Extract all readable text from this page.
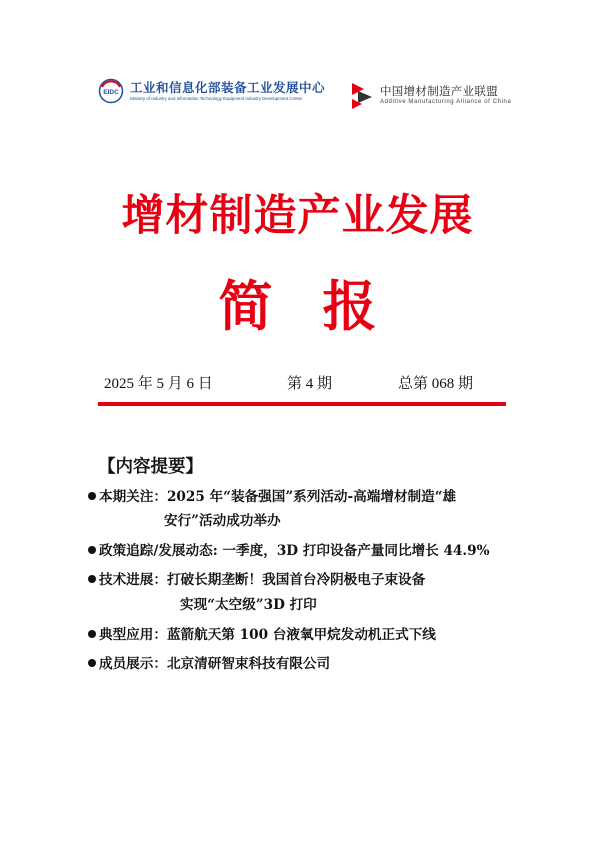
EIDC 工业和信息化部装备工业发展中心
Ministry of Industry and Information Technology Equipment Industry Development Center	中国增材制造产业联盟
Additive Manufacturing Alliance of China
增材制造产业发展
简报
2025 年 5 月 6 日	第 4 期	总第 068 期
【内容提要】
本期关注：2025 年“装备强国”系列活动-高端增材制造“雄
安行”活动成功举办
政策追踪/发展动态: 一季度，3D 打印设备产量同比增长 44.9%
技术进展：打破长期垄断！我国首台冷阴极电子束设备
实现“太空级”3D 打印
典型应用：蓝箭航天第 100 台液氧甲烷发动机正式下线
成员展示：北京清研智束科技有限公司
